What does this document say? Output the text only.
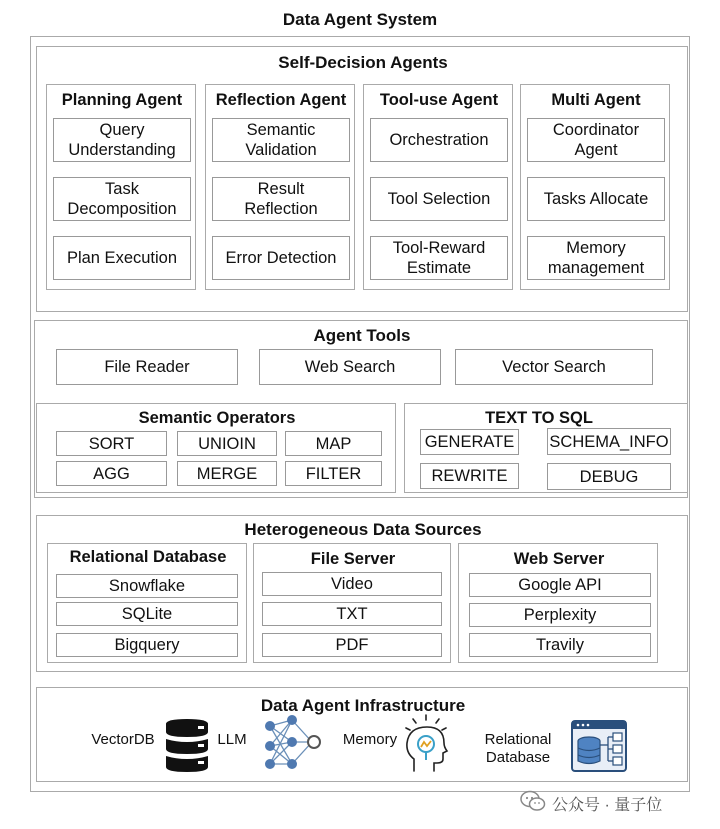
Data Agent System
Self-Decision Agents
Planning Agent
Query
Understanding
Task
Decomposition
Plan Execution
Reflection Agent
Semantic
Validation
Result
Reflection
Error Detection
Tool-use Agent
Orchestration
Tool Selection
Tool-Reward
Estimate
Multi Agent
Coordinator
Agent
Tasks Allocate
Memory
management
Agent Tools
File Reader	Web Search	Vector Search
Semantic Operators
SORT	UNIOIN	MAP
AGG	MERGE	FILTER
TEXT TO SQL
GENERATE SCHEMA_INFO
REWRITE	DEBUG
Heterogeneous Data Sources
Relational Database
Snowflake
SQLite
Bigquery
File Server
Video
TXT
PDF
Web Server
Google API
Perplexity
Travily
Data Agent Infrastructure
VectorDB	LLM	Memory	Relational
Database
公众号 · 量子位
